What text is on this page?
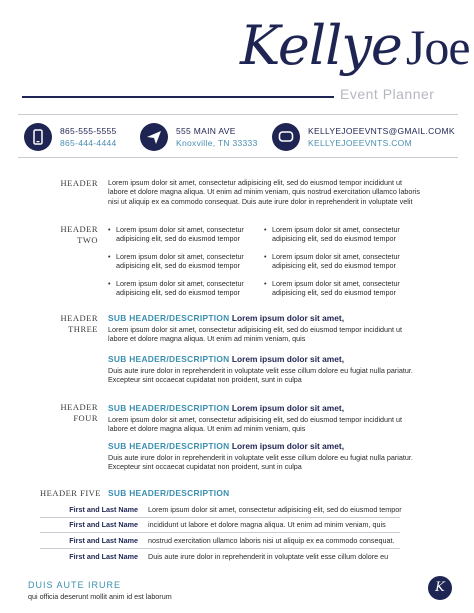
KellyeJoe
Event Planner
865-555-5555
865-444-4444
555 MAIN AVE
Knoxville, TN 33333
KELLYEJOEEVNTS@GMAIL.COMK
KELLYEJOEEVNTS.COM
HEADER Lorem ipsum dolor sit amet, consectetur adipisicing elit, sed do eiusmod tempor incididunt ut labore et dolore magna aliqua. Ut enim ad minim veniam, quis nostrud exercitation ullamco laboris nisi ut aliquip ex ea commodo consequat. Duis aute irure dolor in reprehenderit in voluptate velit
HEADER
TWO
• Lorem ipsum dolor sit amet, consectetur adipisicing elit, sed do eiusmod tempor
• Lorem ipsum dolor sit amet, consectetur adipisicing elit, sed do eiusmod tempor
• Lorem ipsum dolor sit amet, consectetur adipisicing elit, sed do eiusmod tempor
• Lorem ipsum dolor sit amet, consectetur adipisicing elit, sed do eiusmod tempor
• Lorem ipsum dolor sit amet, consectetur adipisicing elit, sed do eiusmod tempor
• Lorem ipsum dolor sit amet, consectetur adipisicing elit, sed do eiusmod tempor
HEADER
THREE
SUB HEADER/DESCRIPTION Lorem ipsum dolor sit amet,
Lorem ipsum dolor sit amet, consectetur adipisicing elit, sed do eiusmod tempor incididunt ut labore et dolore magna aliqua. Ut enim ad minim veniam, quis
SUB HEADER/DESCRIPTION Lorem ipsum dolor sit amet,
Duis aute irure dolor in reprehenderit in voluptate velit esse cillum dolore eu fugiat nulla pariatur. Excepteur sint occaecat cupidatat non proident, sunt in culpa
HEADER
FOUR
SUB HEADER/DESCRIPTION Lorem ipsum dolor sit amet,
Lorem ipsum dolor sit amet, consectetur adipisicing elit, sed do eiusmod tempor incididunt ut labore et dolore magna aliqua. Ut enim ad minim veniam, quis
SUB HEADER/DESCRIPTION Lorem ipsum dolor sit amet,
Duis aute irure dolor in reprehenderit in voluptate velit esse cillum dolore eu fugiat nulla pariatur. Excepteur sint occaecat cupidatat non proident, sunt in culpa
HEADER FIVE SUB HEADER/DESCRIPTION
First and Last Name Lorem ipsum dolor sit amet, consectetur adipisicing elit, sed do eiusmod tempor
First and Last Name incididunt ut labore et dolore magna aliqua. Ut enim ad minim veniam, quis
First and Last Name nostrud exercitation ullamco laboris nisi ut aliquip ex ea commodo consequat.
First and Last Name Duis aute irure dolor in reprehenderit in voluptate velit esse cillum dolore eu
DUIS AUTE IRURE
qui officia deserunt mollit anim id est laborum
K
